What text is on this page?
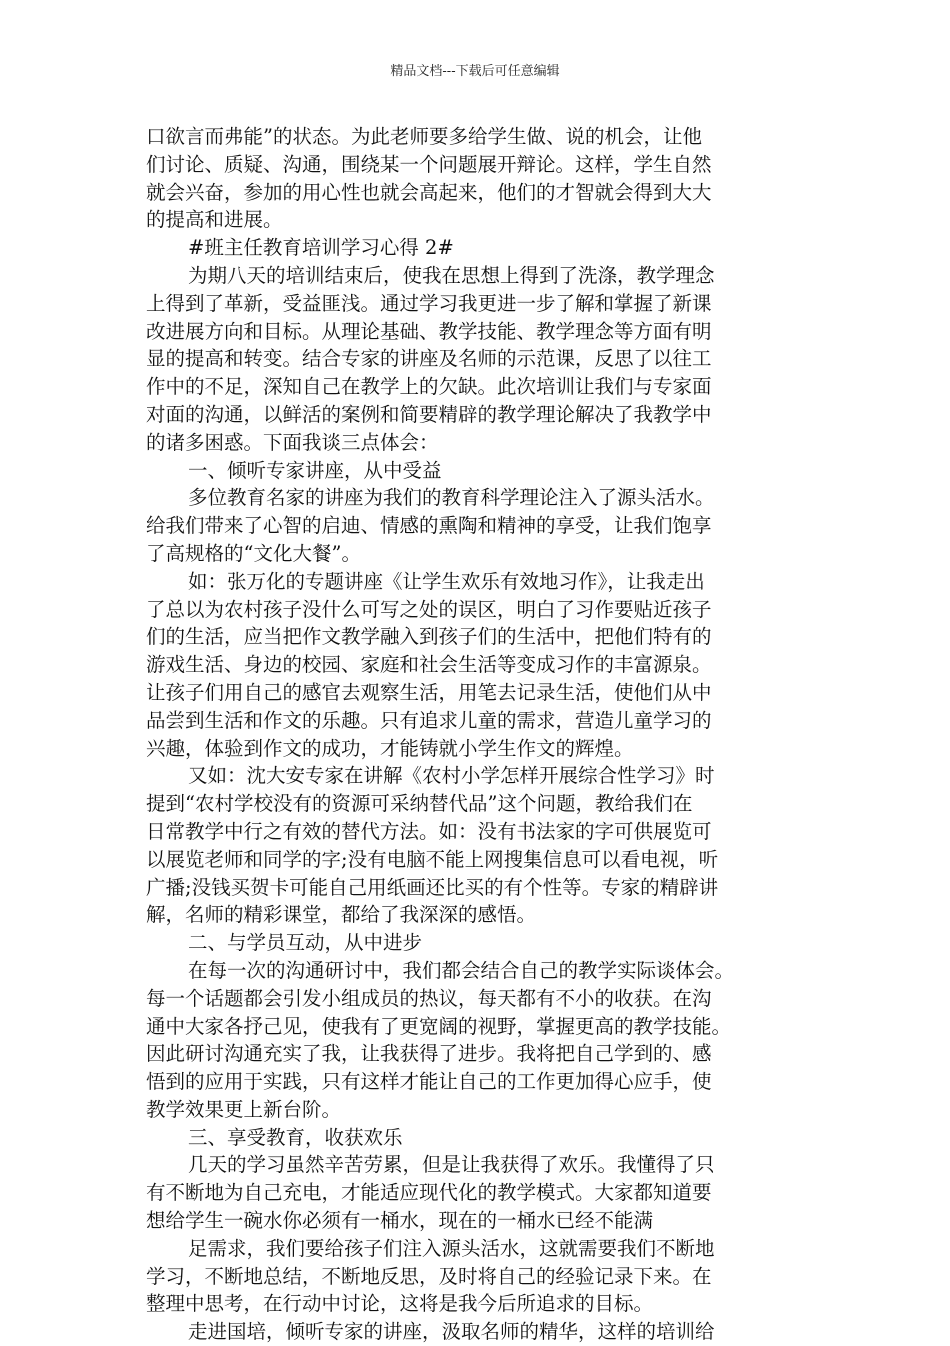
精品文档---下载后可任意编辑
口欲言而弗能”的状态。为此老师要多给学生做、说的机会，让他
们讨论、质疑、沟通，围绕某一个问题展开辩论。这样，学生自然
就会兴奋，参加的用心性也就会高起来，他们的才智就会得到大大
的提高和进展。
#班主任教育培训学习心得 2#
为期八天的培训结束后，使我在思想上得到了洗涤，教学理念
上得到了革新，受益匪浅。通过学习我更进一步了解和掌握了新课
改进展方向和目标。从理论基础、教学技能、教学理念等方面有明
显的提高和转变。结合专家的讲座及名师的示范课，反思了以往工
作中的不足，深知自己在教学上的欠缺。此次培训让我们与专家面
对面的沟通，以鲜活的案例和简要精辟的教学理论解决了我教学中
的诸多困惑。下面我谈三点体会：
一、倾听专家讲座，从中受益
多位教育名家的讲座为我们的教育科学理论注入了源头活水。
给我们带来了心智的启迪、情感的熏陶和精神的享受，让我们饱享
了高规格的“文化大餐”。
如：张万化的专题讲座《让学生欢乐有效地习作》，让我走出
了总以为农村孩子没什么可写之处的误区，明白了习作要贴近孩子
们的生活，应当把作文教学融入到孩子们的生活中，把他们特有的
游戏生活、身边的校园、家庭和社会生活等变成习作的丰富源泉。
让孩子们用自己的感官去观察生活，用笔去记录生活，使他们从中
品尝到生活和作文的乐趣。只有追求儿童的需求，营造儿童学习的
兴趣，体验到作文的成功，才能铸就小学生作文的辉煌。
又如：沈大安专家在讲解《农村小学怎样开展综合性学习》时
提到“农村学校没有的资源可采纳替代品”这个问题，教给我们在
日常教学中行之有效的替代方法。如：没有书法家的字可供展览可
以展览老师和同学的字;没有电脑不能上网搜集信息可以看电视，听
广播;没钱买贺卡可能自己用纸画还比买的有个性等。专家的精辟讲
解，名师的精彩课堂，都给了我深深的感悟。
二、与学员互动，从中进步
在每一次的沟通研讨中，我们都会结合自己的教学实际谈体会。
每一个话题都会引发小组成员的热议，每天都有不小的收获。在沟
通中大家各抒己见，使我有了更宽阔的视野，掌握更高的教学技能。
因此研讨沟通充实了我，让我获得了进步。我将把自己学到的、感
悟到的应用于实践，只有这样才能让自己的工作更加得心应手，使
教学效果更上新台阶。
三、享受教育，收获欢乐
几天的学习虽然辛苦劳累，但是让我获得了欢乐。我懂得了只
有不断地为自己充电，才能适应现代化的教学模式。大家都知道要
想给学生一碗水你必须有一桶水，现在的一桶水已经不能满
足需求，我们要给孩子们注入源头活水，这就需要我们不断地
学习，不断地总结，不断地反思，及时将自己的经验记录下来。在
整理中思考，在行动中讨论，这将是我今后所追求的目标。
走进国培，倾听专家的讲座，汲取名师的精华，这样的培训给
